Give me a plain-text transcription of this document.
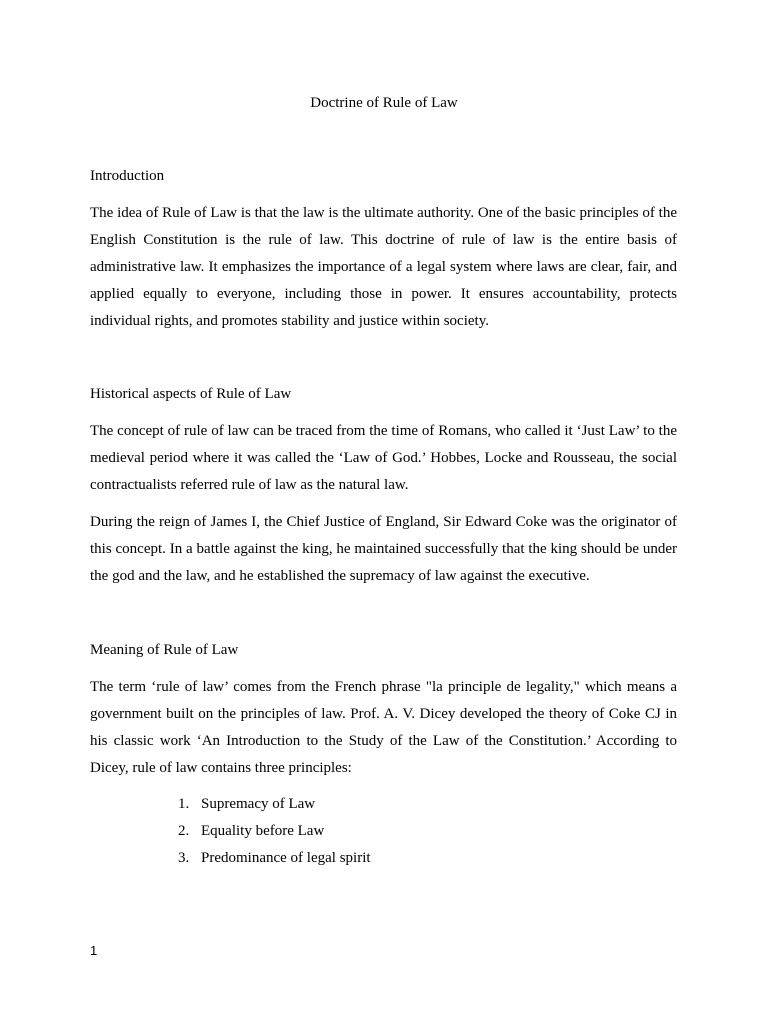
Doctrine of Rule of Law
Introduction

The idea of Rule of Law is that the law is the ultimate authority. One of the basic principles of the English Constitution is the rule of law. This doctrine of rule of law is the entire basis of administrative law. It emphasizes the importance of a legal system where laws are clear, fair, and applied equally to everyone, including those in power. It ensures accountability, protects individual rights, and promotes stability and justice within society.

Historical aspects of Rule of Law

The concept of rule of law can be traced from the time of Romans, who called it ‘Just Law’ to the medieval period where it was called the ‘Law of God.’ Hobbes, Locke and Rousseau, the social contractualists referred rule of law as the natural law.

During the reign of James I, the Chief Justice of England, Sir Edward Coke was the originator of this concept. In a battle against the king, he maintained successfully that the king should be under the god and the law, and he established the supremacy of law against the executive.

Meaning of Rule of Law

The term ‘rule of law’ comes from the French phrase "la principle de legality," which means a government built on the principles of law. Prof. A. V. Dicey developed the theory of Coke CJ in his classic work ‘An Introduction to the Study of the Law of the Constitution.’ According to Dicey, rule of law contains three principles:

1. Supremacy of Law
2. Equality before Law
3. Predominance of legal spirit
1
